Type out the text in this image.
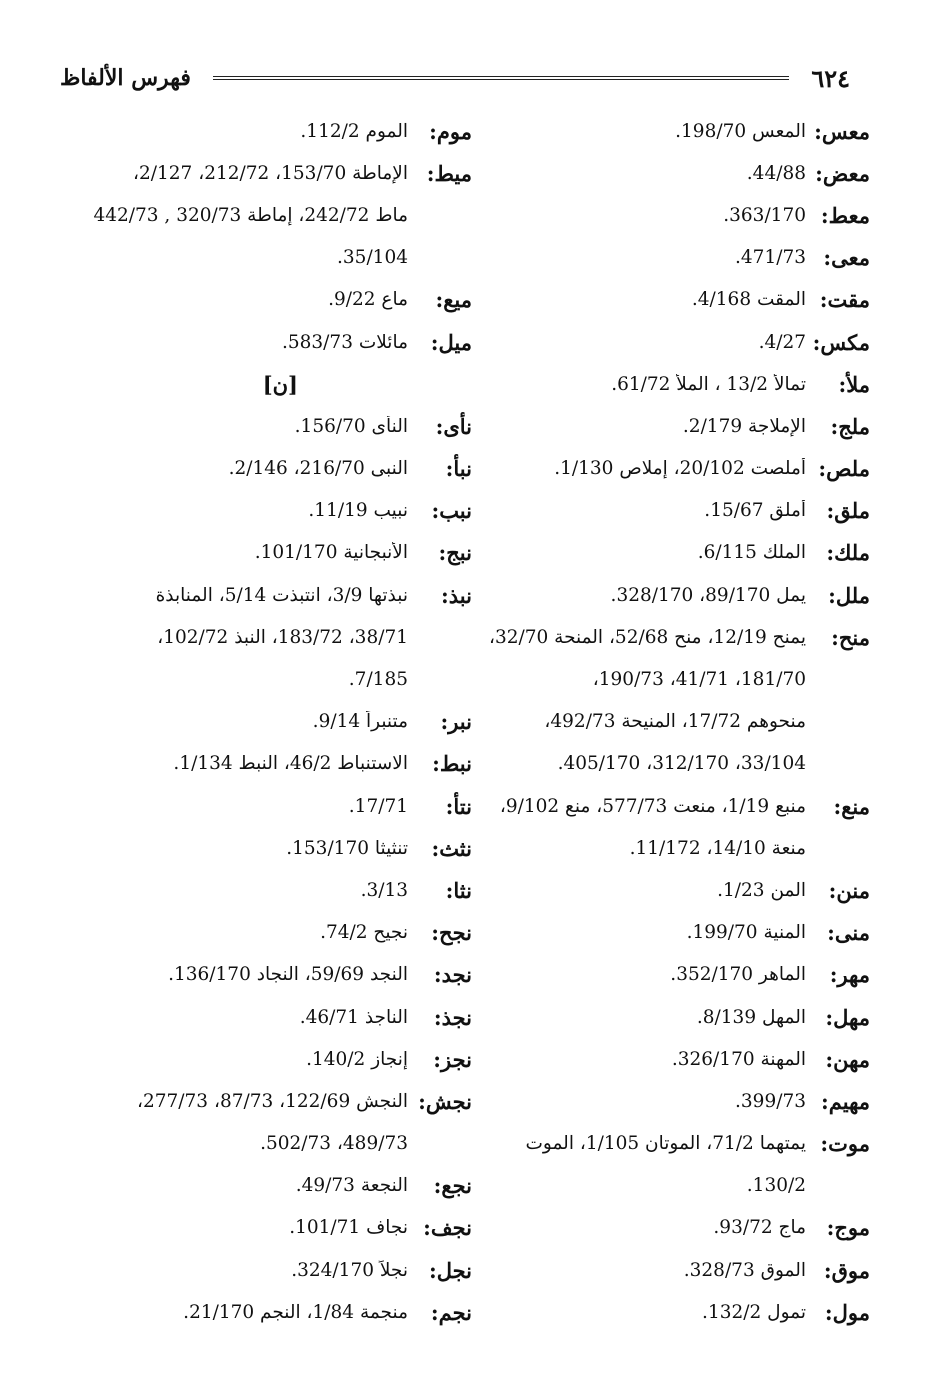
٦٢٤
فهرس الألفاظ
معس:
المعس 198/70.
معض:
44/88.
معط:
363/170.
معى:
471/73.
مقت:
المقت 4/168.
مكس:
4/27.
ملأ:
تمالأ 13/2 ، الملأ 61/72.
ملج:
الإملاجة 2/179.
ملص:
أملصت 20/102، إملاص 1/130.
ملق:
أملق 15/67.
ملك:
الملك 6/115.
ملل:
يمل 89/170، 328/170.
منح:
يمنح 12/19، منح 52/68، المنحة 32/70،
181/70، 41/71، 190/73،
منحوهم 17/72، المنيحة 492/73،
33/104، 312/170، 405/170.
منع:
منبع 1/19، منعت 577/73، منع 9/102،
منعة 14/10، 11/172.
منن:
المن 1/23.
منى:
المنية 199/70.
مهر:
الماهر 352/170.
مهل:
المهل 8/139.
مهن:
المهنة 326/170.
مهيم:
399/73.
موت:
يمتهما 71/2، الموتان 1/105، الموت
130/2.
موج:
ماج 93/72.
موق:
الموق 328/73.
مول:
تمول 132/2.
موم:
الموم 112/2.
ميط:
الإماطة 153/70، 212/72، 2/127،
ماط 242/72، إماطة 320/73 , 442/73
35/104.
ميع:
ماع 9/22.
ميل:
مائلات 583/73.
[ن]
نأى:
النأى 156/70.
نبأ:
النبى 216/70، 2/146.
نبب:
نبيب 11/19.
نبج:
الأنبجانية 101/170.
نبذ:
نبذتها 3/9، انتبذت 5/14، المنابذة
38/71، 183/72، النبذ 102/72،
7/185.
نبر:
متنبراً 9/14.
نبط:
الاستنباط 46/2، النبط 1/134.
نتأ:
17/71.
نثث:
تنثيثا 153/170.
نثا:
3/13.
نجح:
نجيح 74/2.
نجد:
النجد 59/69، النجاد 136/170.
نجذ:
الناجذ 46/71.
نجز:
إنجاز 140/2.
نجش:
النجش 122/69، 87/73، 277/73،
489/73، 502/73.
نجع:
النجعة 49/73.
نجف:
نجاف 101/71.
نجل:
نجلاً 324/170.
نجم:
منجمة 1/84، النجم 21/170.
